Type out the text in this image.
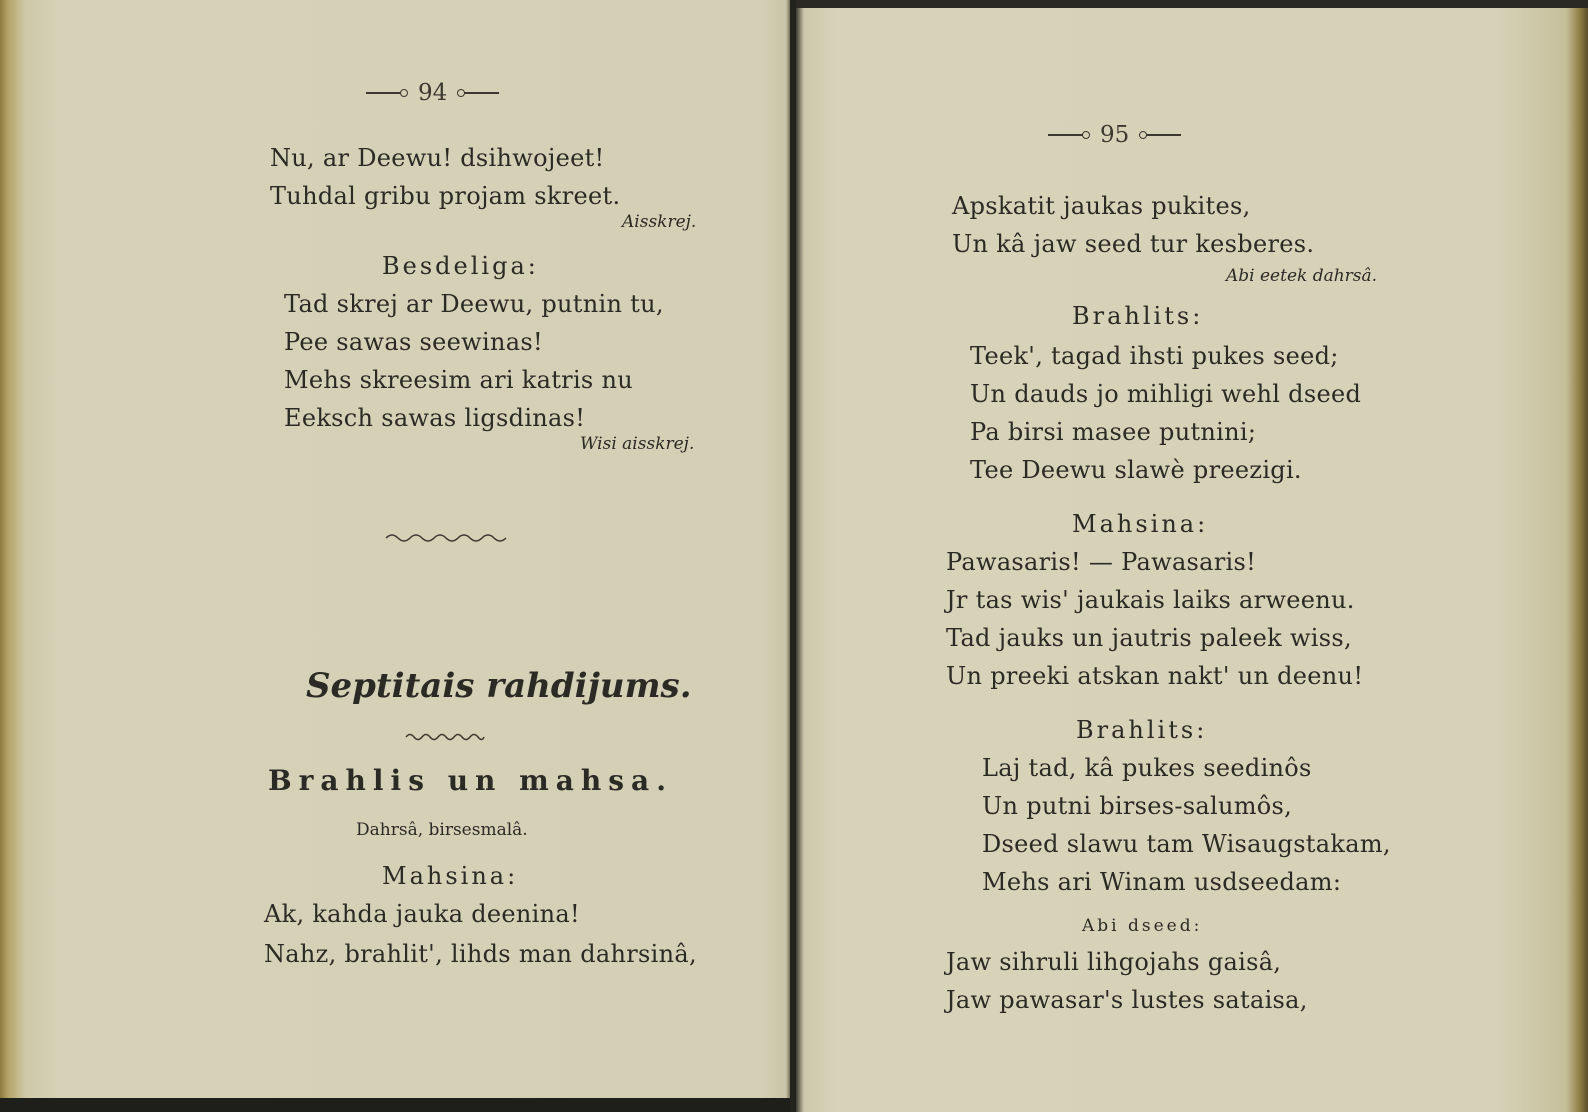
94
Nu, ar Deewu! dsihwojeet!
Tuhdal gribu projam skreet.
Aisskrej.
Besdeliga:
Tad skrej ar Deewu, putnin tu,
Pee sawas seewinas!
Mehs skreesim ari katris nu
Eeksch sawas ligsdinas!
Wisi aisskrej.
Septitais rahdijums.
Brahlis un mahsa.
Dahrsâ, birsesmalâ.
Mahsina:
Ak, kahda jauka deenina!
Nahz, brahlit', lihds man dahrsinâ,
95
Apskatit jaukas pukites,
Un kâ jaw seed tur kesberes.
Abi eetek dahrsâ.
Brahlits:
Teek', tagad ihsti pukes seed;
Un dauds jo mihligi wehl dseed
Pa birsi masee putnini;
Tee Deewu slawè preezigi.
Mahsina:
Pawasaris! — Pawasaris!
Jr tas wis' jaukais laiks arweenu.
Tad jauks un jautris paleek wiss,
Un preeki atskan nakt' un deenu!
Brahlits:
Laj tad, kâ pukes seedinôs
Un putni birses-salumôs,
Dseed slawu tam Wisaugstakam,
Mehs ari Winam usdseedam:
Abi dseed:
Jaw sihruli lihgojahs gaisâ,
Jaw pawasar's lustes sataisa,
